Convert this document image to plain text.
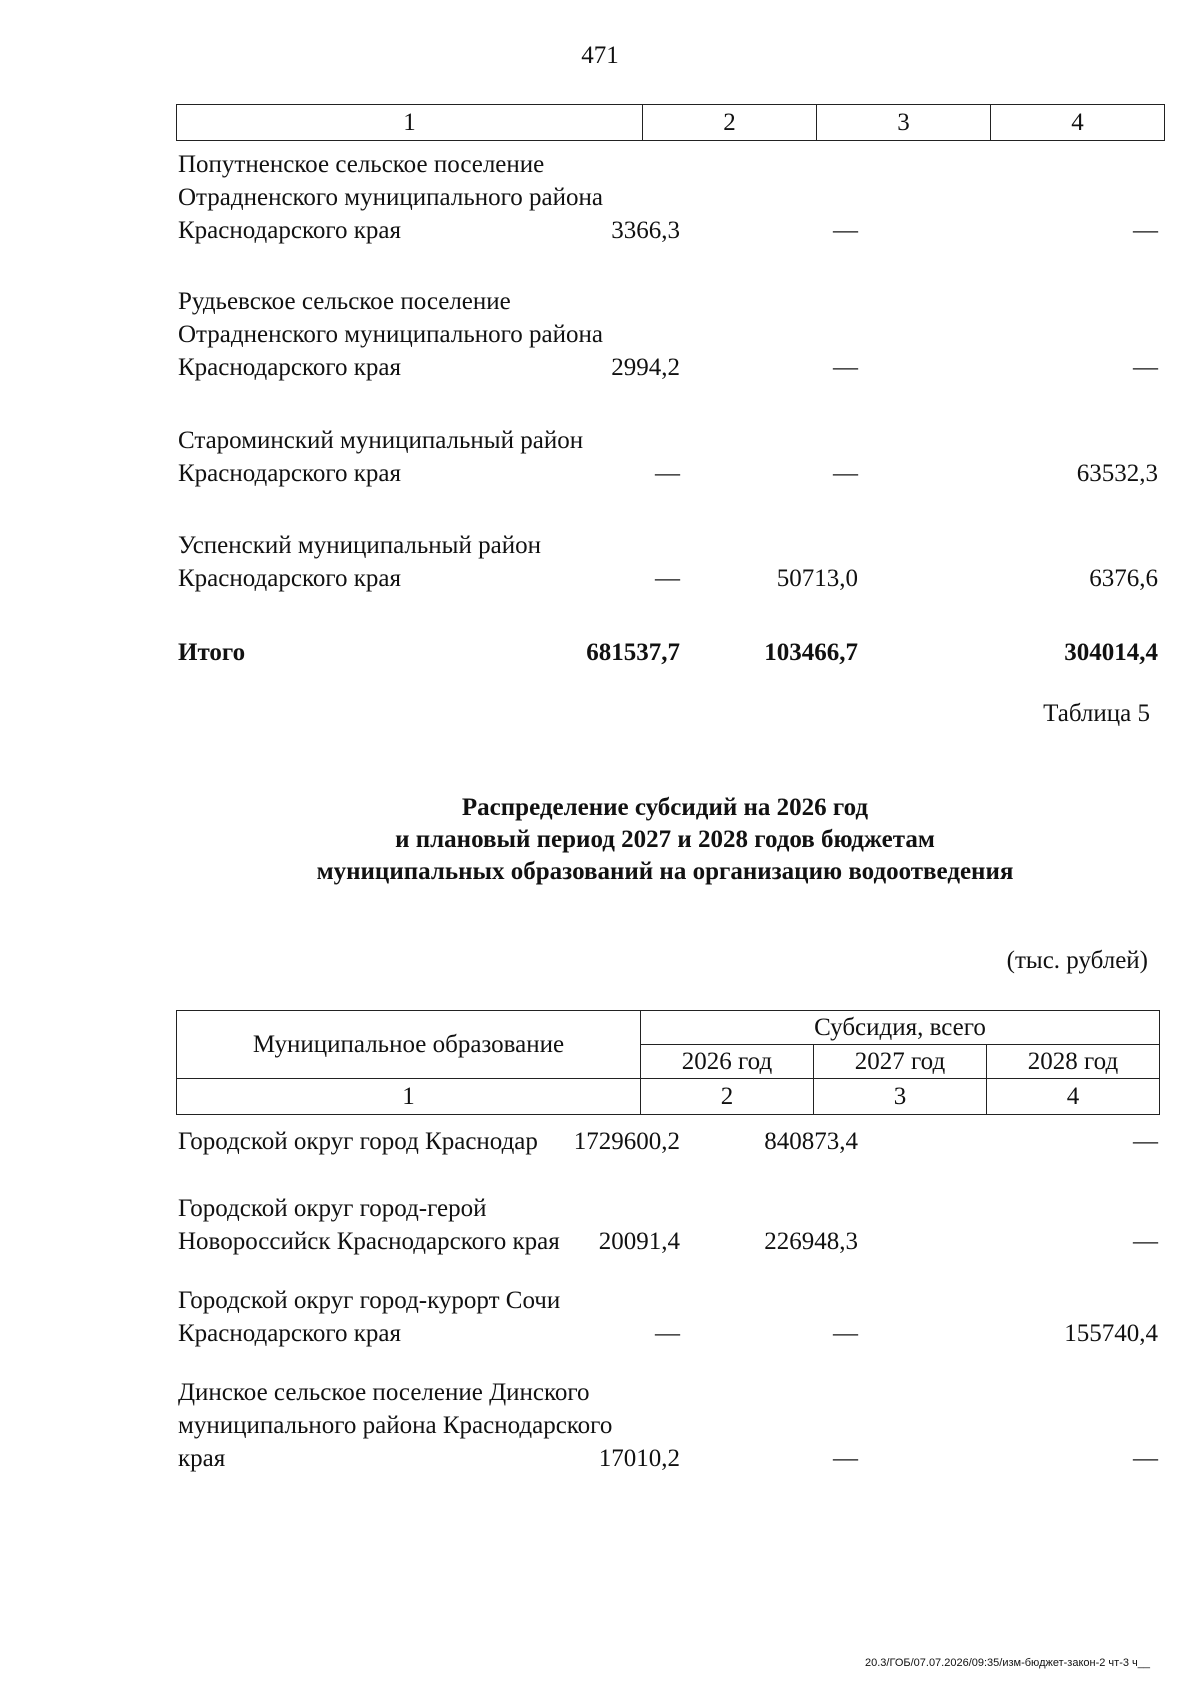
471
1	2	3	4
Попутненское сельское поселение Отрадненского муниципального района Краснодарского края	3366,3	—	—
Рудьевское сельское поселение Отрадненского муниципального района Краснодарского края	2994,2	—	—
Староминский муниципальный район Краснодарского края	—	—	63532,3
Успенский муниципальный район Краснодарского края	—	50713,0	6376,6
Итого	681537,7	103466,7	304014,4
Таблица 5
Распределение субсидий на 2026 год
и плановый период 2027 и 2028 годов бюджетам
муниципальных образований на организацию водоотведения
(тыс. рублей)
Муниципальное образование	Субсидия, всего		
	2026 год	2027 год	2028 год
1	2	3	4
Городской округ город Краснодар	1729600,2	840873,4	—
Городской округ город-герой Новороссийск Краснодарского края	20091,4	226948,3	—
Городской округ город-курорт Сочи Краснодарского края	—	—	155740,4
Динское сельское поселение Динского муниципального района Краснодарского края	17010,2	—	—
20.3/ГОБ/07.07.2026/09:35/изм-бюджет-закон-2 чт-3 ч__
